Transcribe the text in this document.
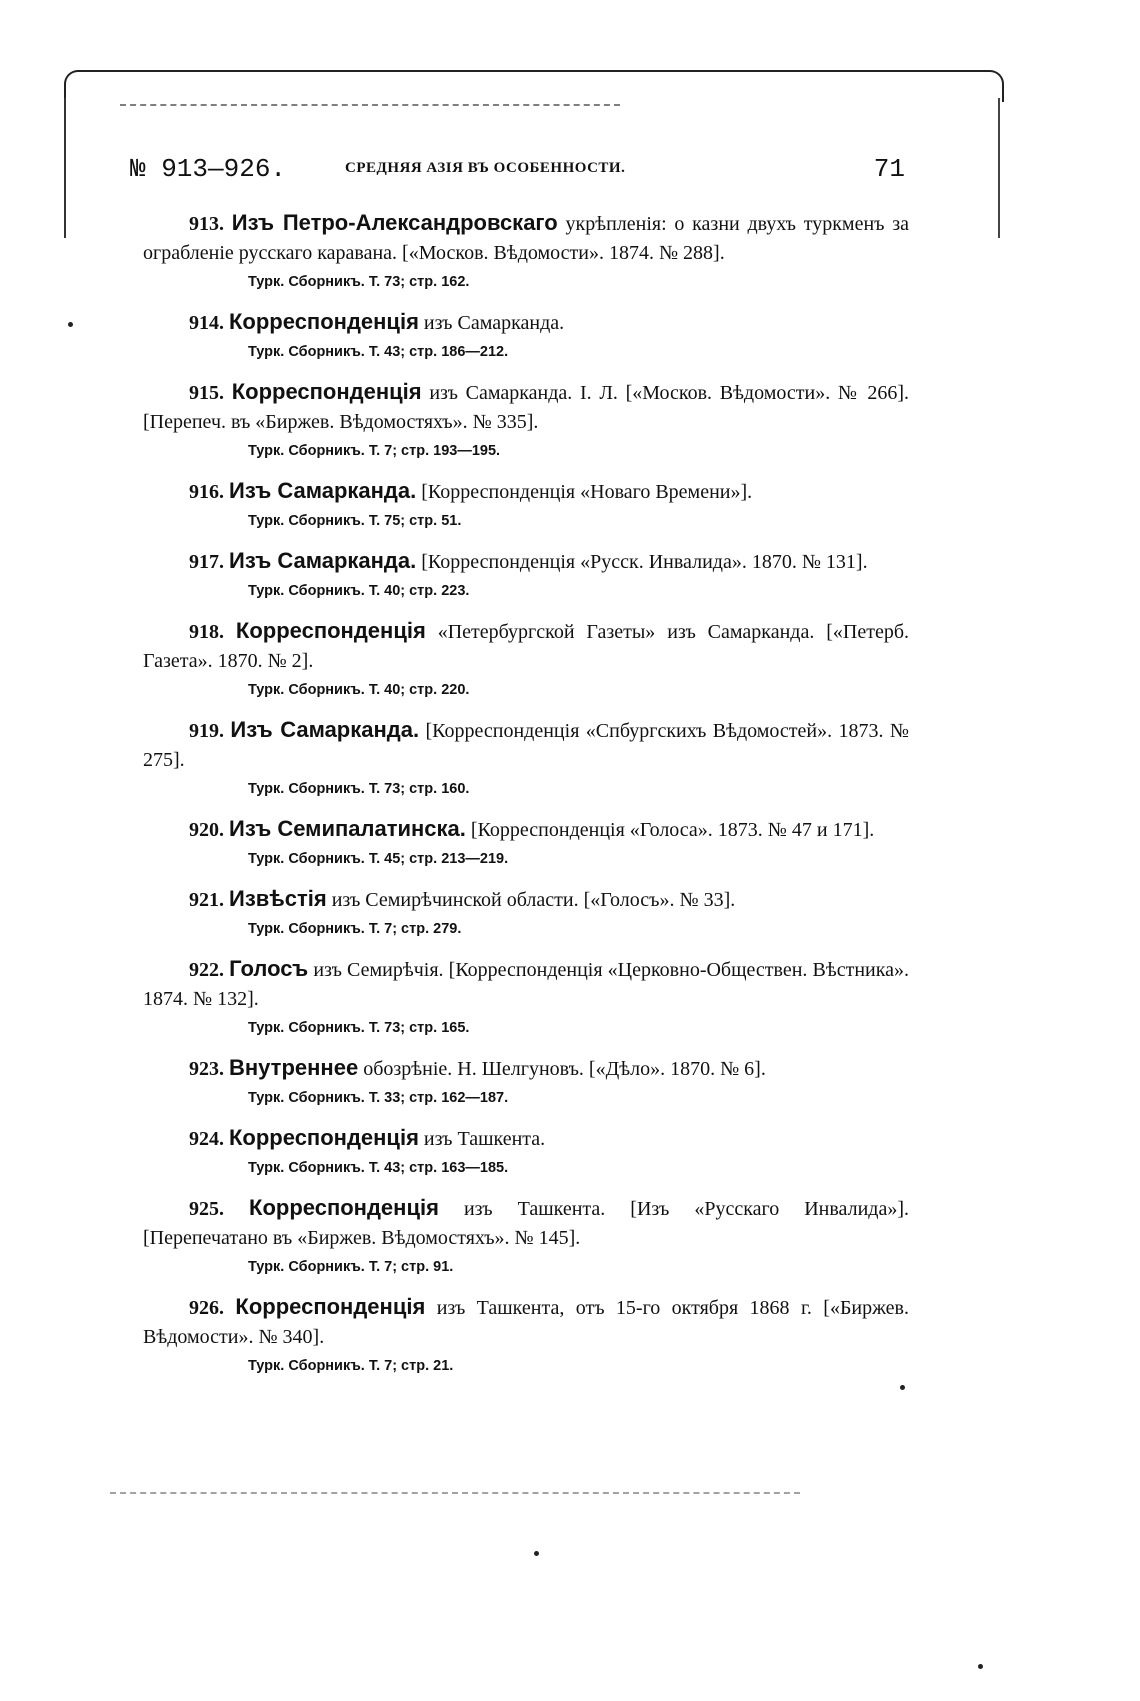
№ 913—926.	СРЕДНЯЯ АЗІЯ ВЪ ОСОБЕННОСТИ.	71

913. Изъ Петро-Александровскаго укрѣпленія: о казни двухъ туркменъ за ограбленіе русскаго каравана. [«Москов. Вѣдомости». 1874. № 288].

Турк. Сборникъ. Т. 73; стр. 162.

914. Корреспонденція изъ Самарканда.

Турк. Сборникъ. Т. 43; стр. 186—212.

915. Корреспонденція изъ Самарканда. I. Л. [«Москов. Вѣдомости». № 266]. [Перепеч. въ «Биржев. Вѣдомостяхъ». № 335].

Турк. Сборникъ. Т. 7; стр. 193—195.

916. Изъ Самарканда. [Корреспонденція «Новаго Времени»].

Турк. Сборникъ. Т. 75; стр. 51.

917. Изъ Самарканда. [Корреспонденція «Русск. Инвалида». 1870. № 131].

Турк. Сборникъ. Т. 40; стр. 223.

918. Корреспонденція «Петербургской Газеты» изъ Самарканда. [«Петерб. Газета». 1870. № 2].

Турк. Сборникъ. Т. 40; стр. 220.

919. Изъ Самарканда. [Корреспонденція «Спбургскихъ Вѣдомостей». 1873. № 275].

Турк. Сборникъ. Т. 73; стр. 160.

920. Изъ Семипалатинска. [Корреспонденція «Голоса». 1873. № 47 и 171].

Турк. Сборникъ. Т. 45; стр. 213—219.

921. Извѣстія изъ Семирѣчинской области. [«Голосъ». № 33].

Турк. Сборникъ. Т. 7; стр. 279.

922. Голосъ изъ Семирѣчія. [Корреспонденція «Церковно-Обществен. Вѣстника». 1874. № 132].

Турк. Сборникъ. Т. 73; стр. 165.

923. Внутреннее обозрѣніе. Н. Шелгуновъ. [«Дѣло». 1870. № 6].

Турк. Сборникъ. Т. 33; стр. 162—187.

924. Корреспонденція изъ Ташкента.

Турк. Сборникъ. Т. 43; стр. 163—185.

925. Корреспонденція изъ Ташкента. [Изъ «Русскаго Инвалида»]. [Перепечатано въ «Биржев. Вѣдомостяхъ». № 145].

Турк. Сборникъ. Т. 7; стр. 91.

926. Корреспонденція изъ Ташкента, отъ 15-го октября 1868 г. [«Биржев. Вѣдомости». № 340].

Турк. Сборникъ. Т. 7; стр. 21.
